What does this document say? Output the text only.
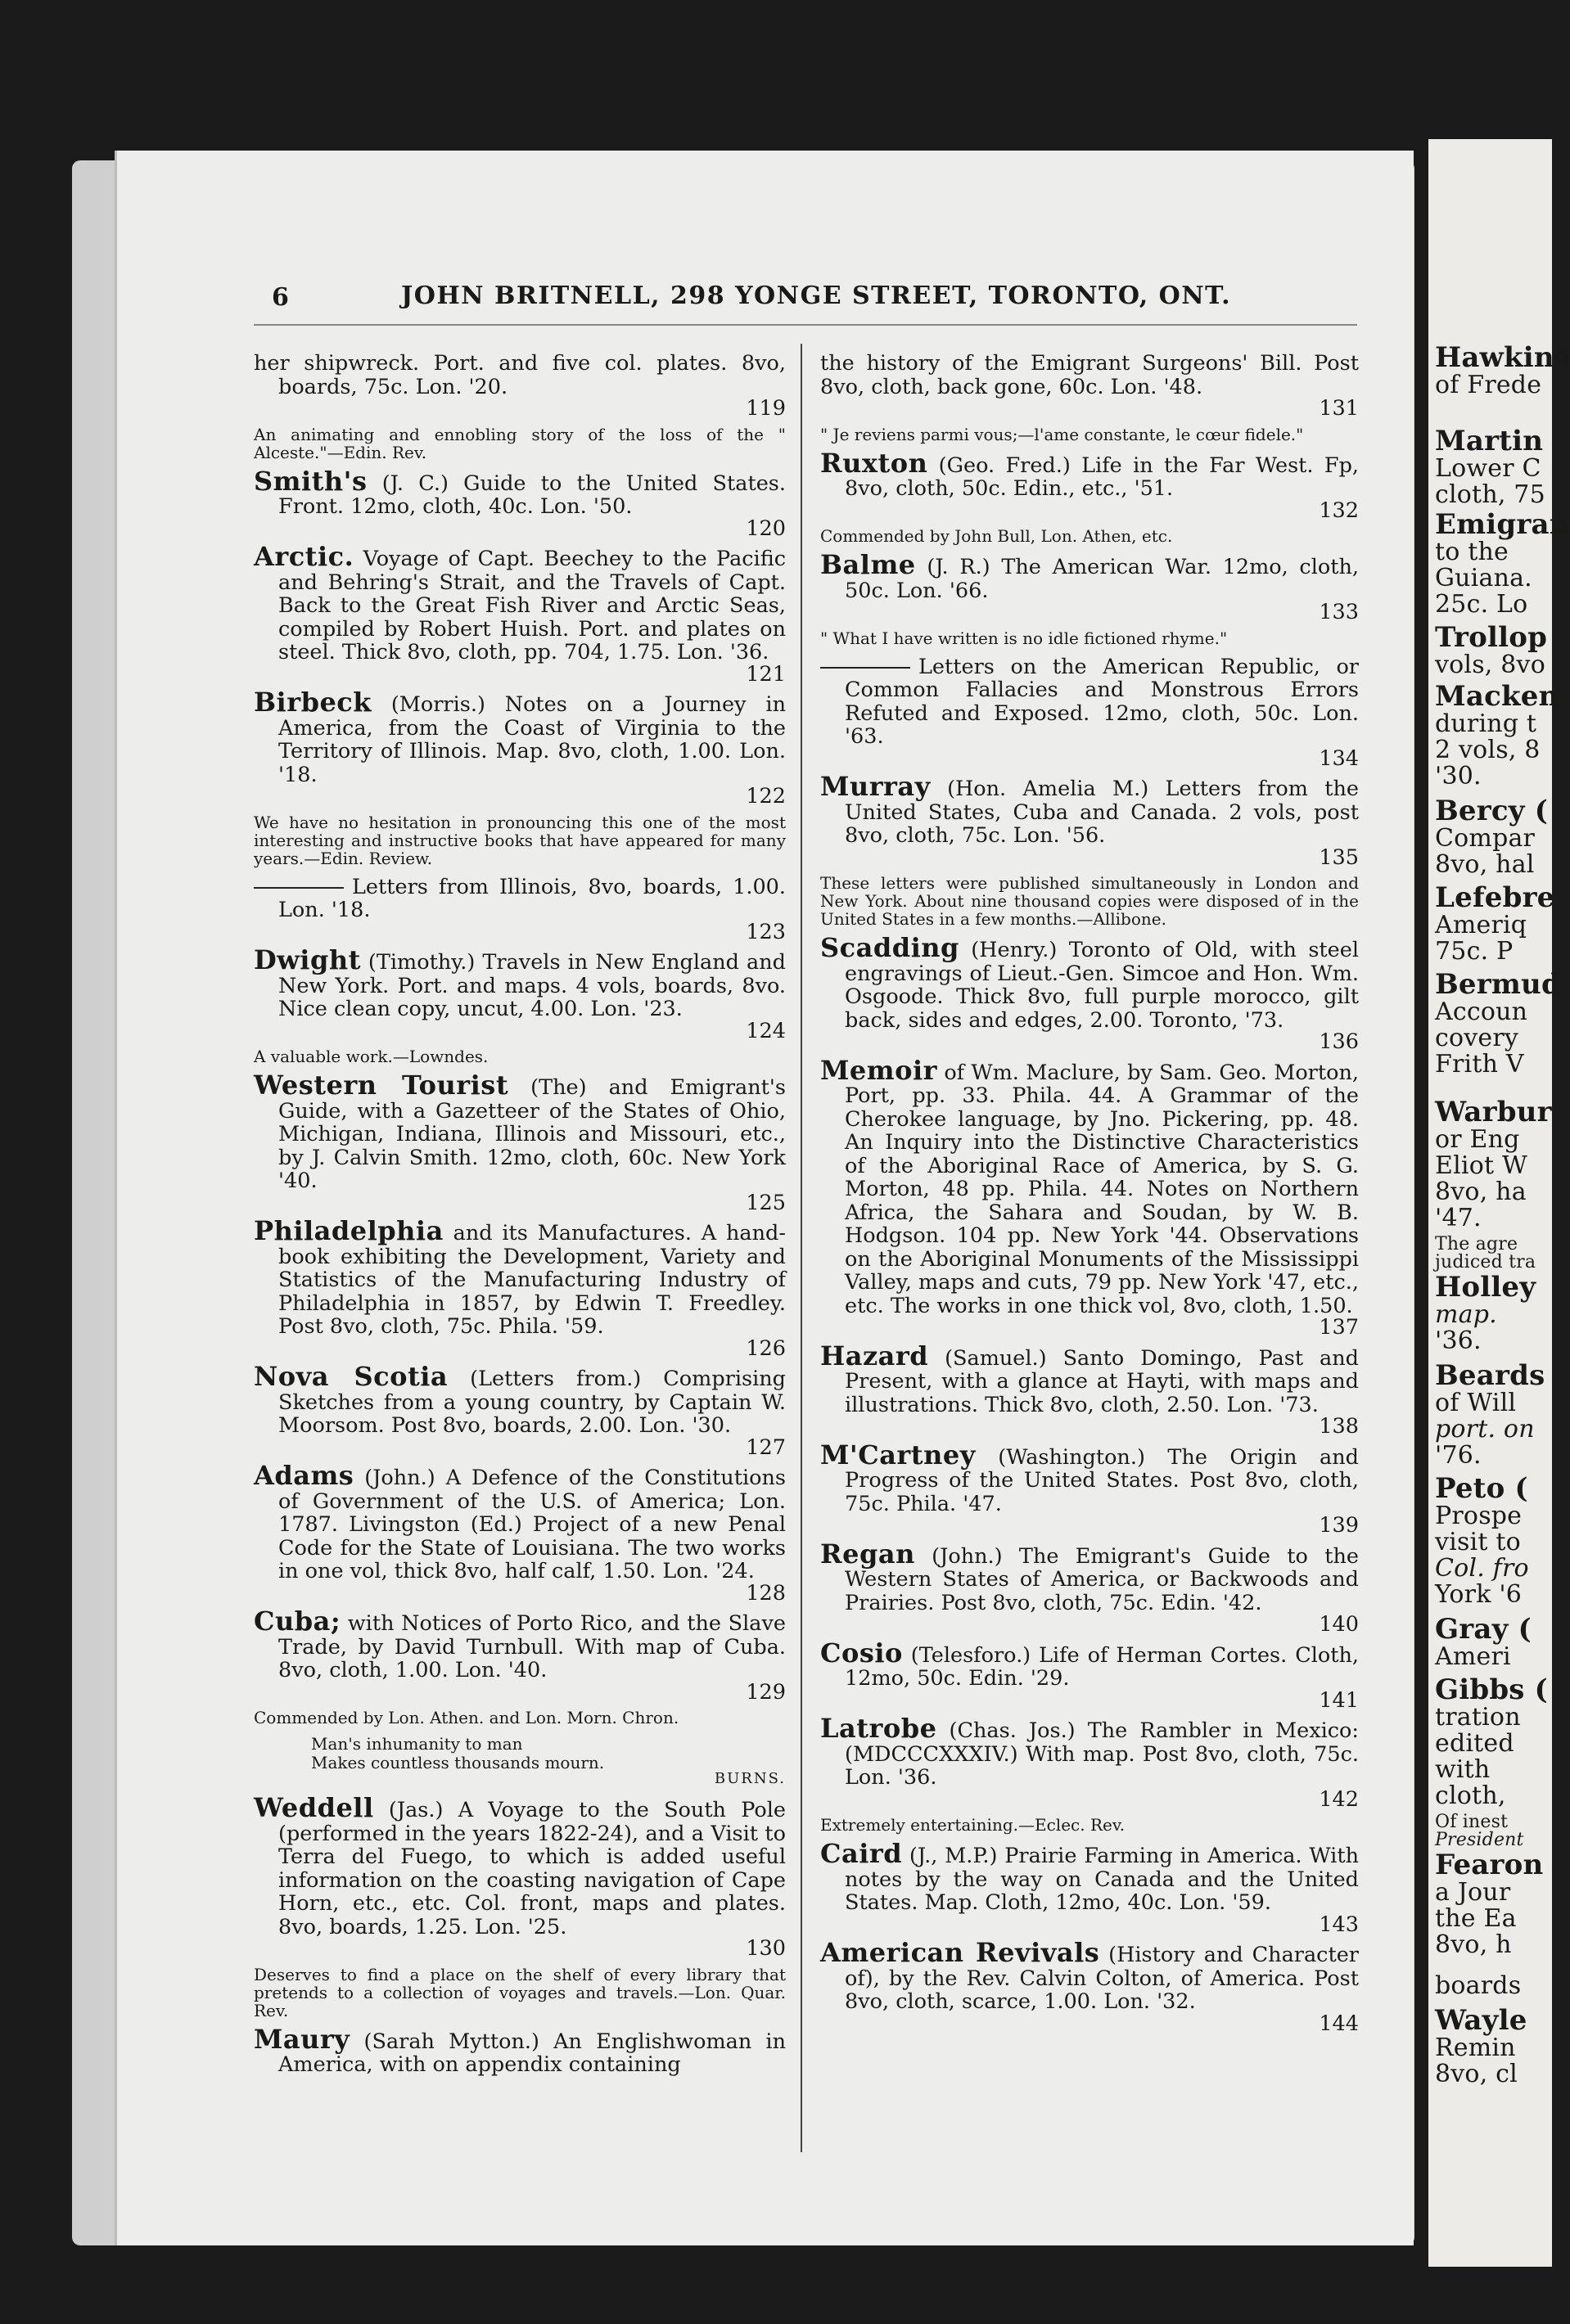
6	JOHN BRITNELL, 298 YONGE STREET, TORONTO, ONT.
her shipwreck. Port. and five col. plates. 8vo, boards, 75c. Lon. '20.
119
An animating and ennobling story of the loss of the " Alceste."—Edin. Rev.
Smith's (J. C.) Guide to the United States. Front. 12mo, cloth, 40c. Lon. '50.
120
Arctic. Voyage of Capt. Beechey to the Pacific and Behring's Strait, and the Travels of Capt. Back to the Great Fish River and Arctic Seas, compiled by Robert Huish. Port. and plates on steel. Thick 8vo, cloth, pp. 704, 1.75. Lon. '36.
121
Birbeck (Morris.) Notes on a Journey in America, from the Coast of Virginia to the Territory of Illinois. Map. 8vo, cloth, 1.00. Lon. '18.
122
We have no hesitation in pronouncing this one of the most interesting and instructive books that have appeared for many years.—Edin. Review.
Letters from Illinois, 8vo, boards, 1.00. Lon. '18.
123
Dwight (Timothy.) Travels in New England and New York. Port. and maps. 4 vols, boards, 8vo. Nice clean copy, uncut, 4.00. Lon. '23.
124
A valuable work.—Lowndes.
Western Tourist (The) and Emigrant's Guide, with a Gazetteer of the States of Ohio, Michigan, Indiana, Illinois and Missouri, etc., by J. Calvin Smith. 12mo, cloth, 60c. New York '40.
125
Philadelphia and its Manufactures. A hand-book exhibiting the Development, Variety and Statistics of the Manufacturing Industry of Philadelphia in 1857, by Edwin T. Freedley. Post 8vo, cloth, 75c. Phila. '59.
126
Nova Scotia (Letters from.) Comprising Sketches from a young country, by Captain W. Moorsom. Post 8vo, boards, 2.00. Lon. '30.
127
Adams (John.) A Defence of the Constitutions of Government of the U.S. of America; Lon. 1787. Livingston (Ed.) Project of a new Penal Code for the State of Louisiana. The two works in one vol, thick 8vo, half calf, 1.50. Lon. '24.
128
Cuba; with Notices of Porto Rico, and the Slave Trade, by David Turnbull. With map of Cuba. 8vo, cloth, 1.00. Lon. '40.
129
Commended by Lon. Athen. and Lon. Morn. Chron.
Man's inhumanity to man
Makes countless thousands mourn.
BURNS.
Weddell (Jas.) A Voyage to the South Pole (performed in the years 1822-24), and a Visit to Terra del Fuego, to which is added useful information on the coasting navigation of Cape Horn, etc., etc. Col. front, maps and plates. 8vo, boards, 1.25. Lon. '25.
130
Deserves to find a place on the shelf of every library that pretends to a collection of voyages and travels.—Lon. Quar. Rev.
Maury (Sarah Mytton.) An Englishwoman in America, with on appendix containing
the history of the Emigrant Surgeons' Bill. Post 8vo, cloth, back gone, 60c. Lon. '48.
131
" Je reviens parmi vous;—l'ame constante, le cœur fidele."
Ruxton (Geo. Fred.) Life in the Far West. Fp, 8vo, cloth, 50c. Edin., etc., '51.
132
Commended by John Bull, Lon. Athen, etc.
Balme (J. R.) The American War. 12mo, cloth, 50c. Lon. '66.
133
" What I have written is no idle fictioned rhyme."
Letters on the American Republic, or Common Fallacies and Monstrous Errors Refuted and Exposed. 12mo, cloth, 50c. Lon. '63.
134
Murray (Hon. Amelia M.) Letters from the United States, Cuba and Canada. 2 vols, post 8vo, cloth, 75c. Lon. '56.
135
These letters were published simultaneously in London and New York. About nine thousand copies were disposed of in the United States in a few months.—Allibone.
Scadding (Henry.) Toronto of Old, with steel engravings of Lieut.-Gen. Simcoe and Hon. Wm. Osgoode. Thick 8vo, full purple morocco, gilt back, sides and edges, 2.00. Toronto, '73.
136
Memoir of Wm. Maclure, by Sam. Geo. Morton, Port, pp. 33. Phila. 44. A Grammar of the Cherokee language, by Jno. Pickering, pp. 48. An Inquiry into the Distinctive Characteristics of the Aboriginal Race of America, by S. G. Morton, 48 pp. Phila. 44. Notes on Northern Africa, the Sahara and Soudan, by W. B. Hodgson. 104 pp. New York '44. Observations on the Aboriginal Monuments of the Mississippi Valley, maps and cuts, 79 pp. New York '47, etc., etc. The works in one thick vol, 8vo, cloth, 1.50.
137
Hazard (Samuel.) Santo Domingo, Past and Present, with a glance at Hayti, with maps and illustrations. Thick 8vo, cloth, 2.50. Lon. '73.
138
M'Cartney (Washington.) The Origin and Progress of the United States. Post 8vo, cloth, 75c. Phila. '47.
139
Regan (John.) The Emigrant's Guide to the Western States of America, or Backwoods and Prairies. Post 8vo, cloth, 75c. Edin. '42.
140
Cosio (Telesforo.) Life of Herman Cortes. Cloth, 12mo, 50c. Edin. '29.
141
Latrobe (Chas. Jos.) The Rambler in Mexico: (MDCCCXXXIV.) With map. Post 8vo, cloth, 75c. Lon. '36.
142
Extremely entertaining.—Eclec. Rev.
Caird (J., M.P.) Prairie Farming in America. With notes by the way on Canada and the United States. Map. Cloth, 12mo, 40c. Lon. '59.
143
American Revivals (History and Character of), by the Rev. Calvin Colton, of America. Post 8vo, cloth, scarce, 1.00. Lon. '32.
144
Hawkins
of Frede
Martin
Lower C
cloth, 75
Emigran
to the
Guiana.
25c. Lo
Trollop
vols, 8vo
Macken
during t
2 vols, 8
'30.
Bercy (
Compar
8vo, hal
Lefebre
Ameriq
75c. P
Bermud
Accoun
covery
Frith V
Warbur
or Eng
Eliot W
8vo, ha
'47.
The agre
judiced tra
Holley
map.
'36.
Beards
of Will
port. on
'76.
Peto (
Prospe
visit to
Col. fro
York '6
Gray (
Ameri
Gibbs (
tration
edited
with
cloth,
Of inest
President
Fearon
a Jour
the Ea
8vo, h
boards
Wayle
Remin
8vo, cl
